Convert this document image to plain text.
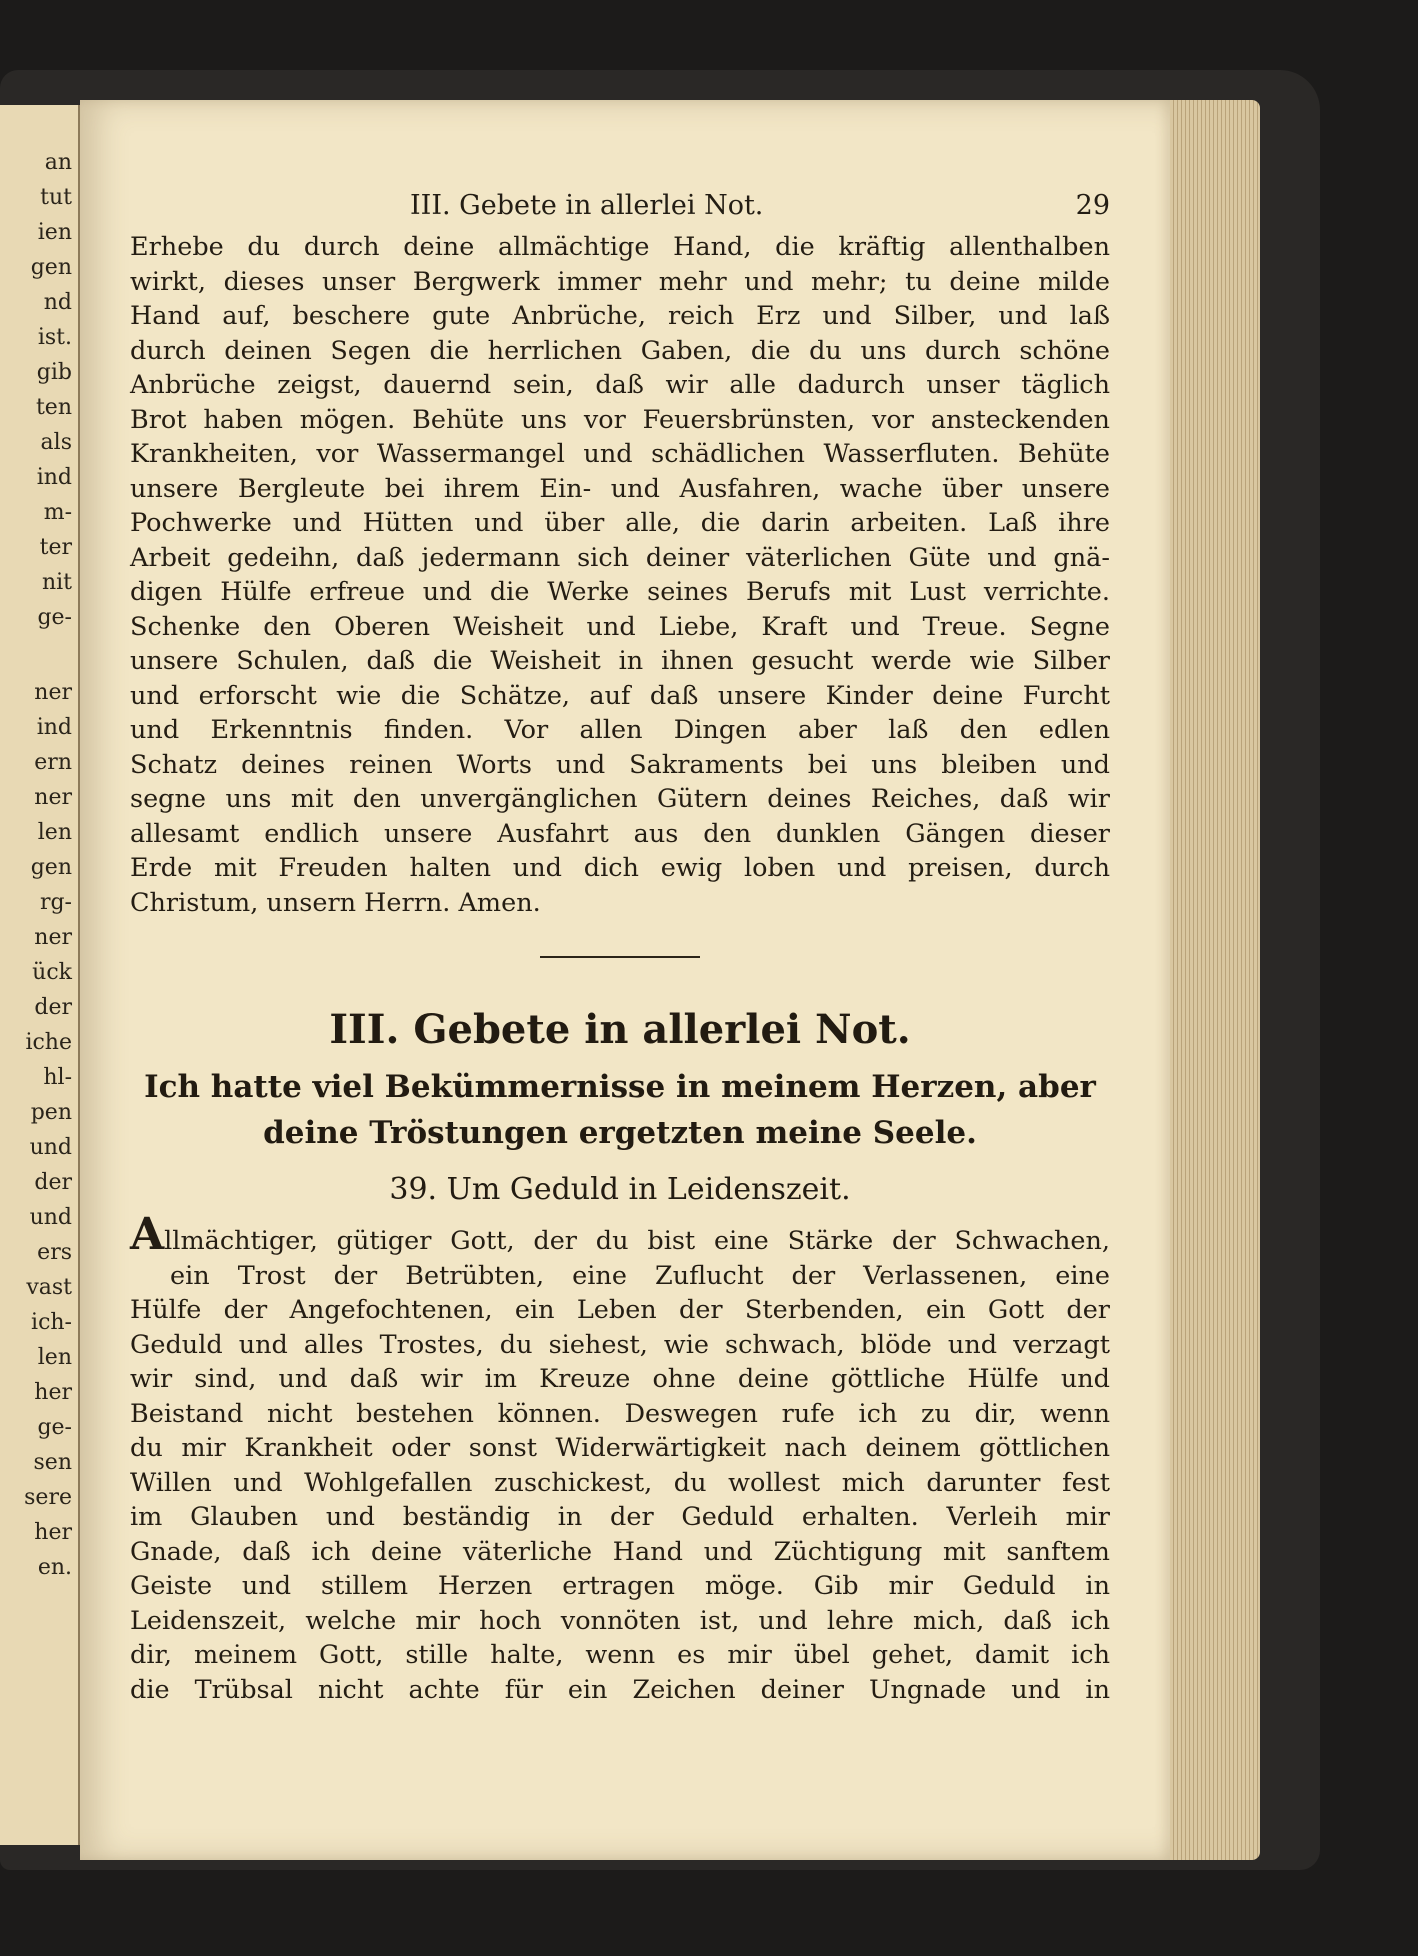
an
tut
ien
gen
nd
ist.
gib
ten
als
ind
m-
ter
nit
ge-
ner
ind
ern
ner
len
gen
rg-
ner
ück
der
iche
hl-
pen
und
der
und
ers
vast
ich-
len
her
ge-
sen
sere
her
en.
III. Gebete in allerlei Not.	29

Erhebe du durch deine allmächtige Hand, die kräftig allenthalben
wirkt, dieses unser Bergwerk immer mehr und mehr; tu deine milde
Hand auf, beschere gute Anbrüche, reich Erz und Silber, und laß
durch deinen Segen die herrlichen Gaben, die du uns durch schöne
Anbrüche zeigst, dauernd sein, daß wir alle dadurch unser täglich
Brot haben mögen. Behüte uns vor Feuersbrünsten, vor ansteckenden
Krankheiten, vor Wassermangel und schädlichen Wasserfluten. Behüte
unsere Bergleute bei ihrem Ein- und Ausfahren, wache über unsere
Pochwerke und Hütten und über alle, die darin arbeiten. Laß ihre
Arbeit gedeihn, daß jedermann sich deiner väterlichen Güte und gnä-
digen Hülfe erfreue und die Werke seines Berufs mit Lust verrichte.
Schenke den Oberen Weisheit und Liebe, Kraft und Treue. Segne
unsere Schulen, daß die Weisheit in ihnen gesucht werde wie Silber
und erforscht wie die Schätze, auf daß unsere Kinder deine Furcht
und Erkenntnis finden. Vor allen Dingen aber laß den edlen
Schatz deines reinen Worts und Sakraments bei uns bleiben und
segne uns mit den unvergänglichen Gütern deines Reiches, daß wir
allesamt endlich unsere Ausfahrt aus den dunklen Gängen dieser
Erde mit Freuden halten und dich ewig loben und preisen, durch
Christum, unsern Herrn. Amen.

III. Gebete in allerlei Not.
Ich hatte viel Bekümmernisse in meinem Herzen, aber
deine Tröstungen ergetzten meine Seele.
39. Um Geduld in Leidenszeit.

Allmächtiger, gütiger Gott, der du bist eine Stärke der Schwachen,
ein Trost der Betrübten, eine Zuflucht der Verlassenen, eine
Hülfe der Angefochtenen, ein Leben der Sterbenden, ein Gott der
Geduld und alles Trostes, du siehest, wie schwach, blöde und verzagt
wir sind, und daß wir im Kreuze ohne deine göttliche Hülfe und
Beistand nicht bestehen können. Deswegen rufe ich zu dir, wenn
du mir Krankheit oder sonst Widerwärtigkeit nach deinem göttlichen
Willen und Wohlgefallen zuschickest, du wollest mich darunter fest
im Glauben und beständig in der Geduld erhalten. Verleih mir
Gnade, daß ich deine väterliche Hand und Züchtigung mit sanftem
Geiste und stillem Herzen ertragen möge. Gib mir Geduld in
Leidenszeit, welche mir hoch vonnöten ist, und lehre mich, daß ich
dir, meinem Gott, stille halte, wenn es mir übel gehet, damit ich
die Trübsal nicht achte für ein Zeichen deiner Ungnade und in
